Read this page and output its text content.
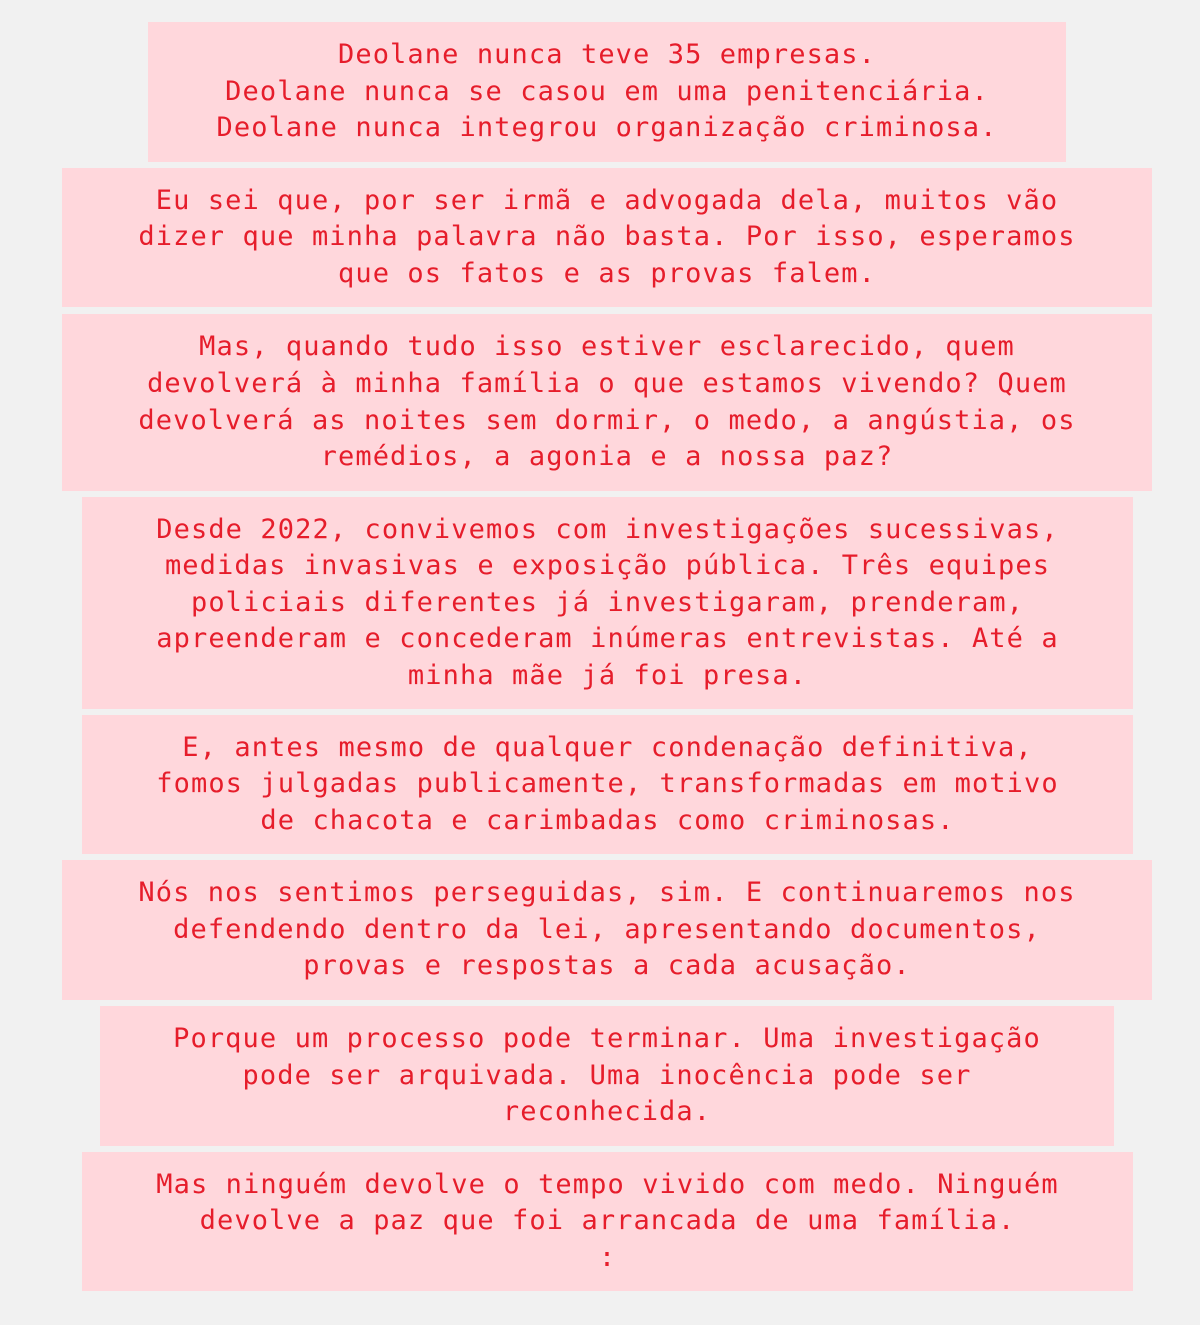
Deolane nunca teve 35 empresas.
Deolane nunca se casou em uma penitenciária.
Deolane nunca integrou organização criminosa.
Eu sei que, por ser irmã e advogada dela, muitos vão
dizer que minha palavra não basta. Por isso, esperamos
que os fatos e as provas falem.
Mas, quando tudo isso estiver esclarecido, quem
devolverá à minha família o que estamos vivendo? Quem
devolverá as noites sem dormir, o medo, a angústia, os
remédios, a agonia e a nossa paz?
Desde 2022, convivemos com investigações sucessivas,
medidas invasivas e exposição pública. Três equipes
policiais diferentes já investigaram, prenderam,
apreenderam e concederam inúmeras entrevistas. Até a
minha mãe já foi presa.
E, antes mesmo de qualquer condenação definitiva,
fomos julgadas publicamente, transformadas em motivo
de chacota e carimbadas como criminosas.
Nós nos sentimos perseguidas, sim. E continuaremos nos
defendendo dentro da lei, apresentando documentos,
provas e respostas a cada acusação.
Porque um processo pode terminar. Uma investigação
pode ser arquivada. Uma inocência pode ser
reconhecida.
Mas ninguém devolve o tempo vivido com medo. Ninguém
devolve a paz que foi arrancada de uma família.
:
